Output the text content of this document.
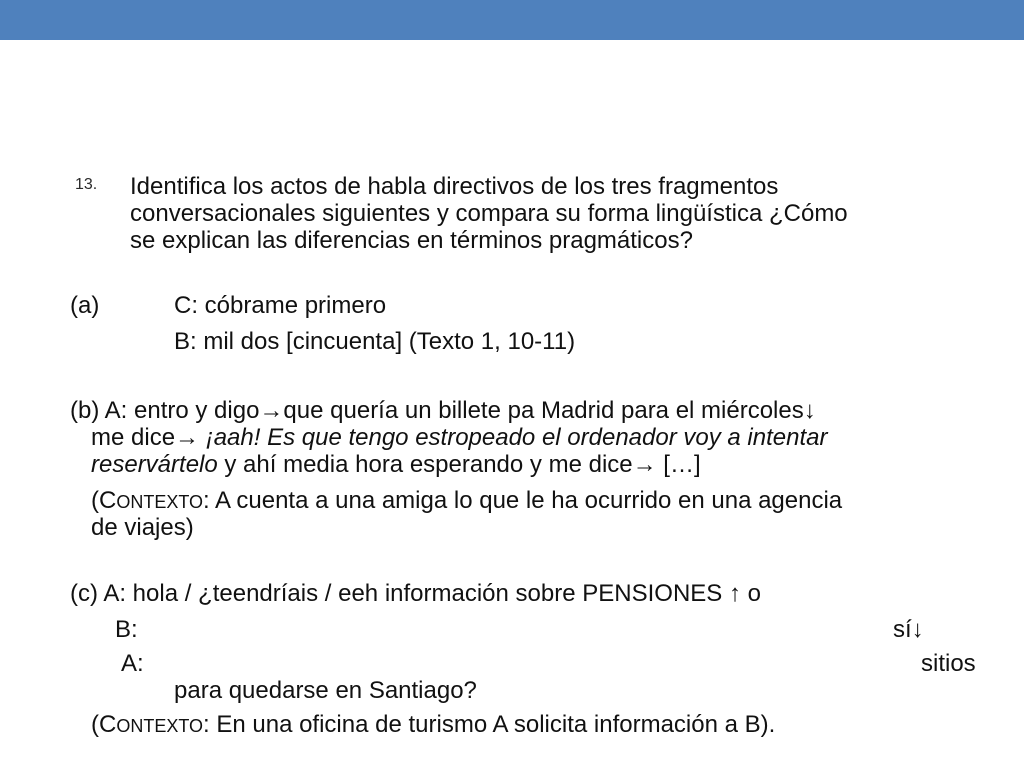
13. Identifica los actos de habla directivos de los tres fragmentos
conversacionales siguientes y compara su forma lingüística ¿Cómo
se explican las diferencias en términos pragmáticos?
(a)	C: cóbrame primero
B: mil dos [cincuenta] (Texto 1, 10-11)
(b) A: entro y digo→que quería un billete pa Madrid para el miércoles↓
me dice→ ¡aah! Es que tengo estropeado el ordenador voy a intentar
reservártelo y ahí media hora esperando y me dice→ […]
(CONTEXTO: A cuenta a una amiga lo que le ha ocurrido en una agencia
de viajes)
(c) A: hola / ¿teendríais / eeh información sobre PENSIONES ↑ o
B:	sí↓
A:	sitios
para quedarse en Santiago?
(CONTEXTO: En una oficina de turismo A solicita información a B).
